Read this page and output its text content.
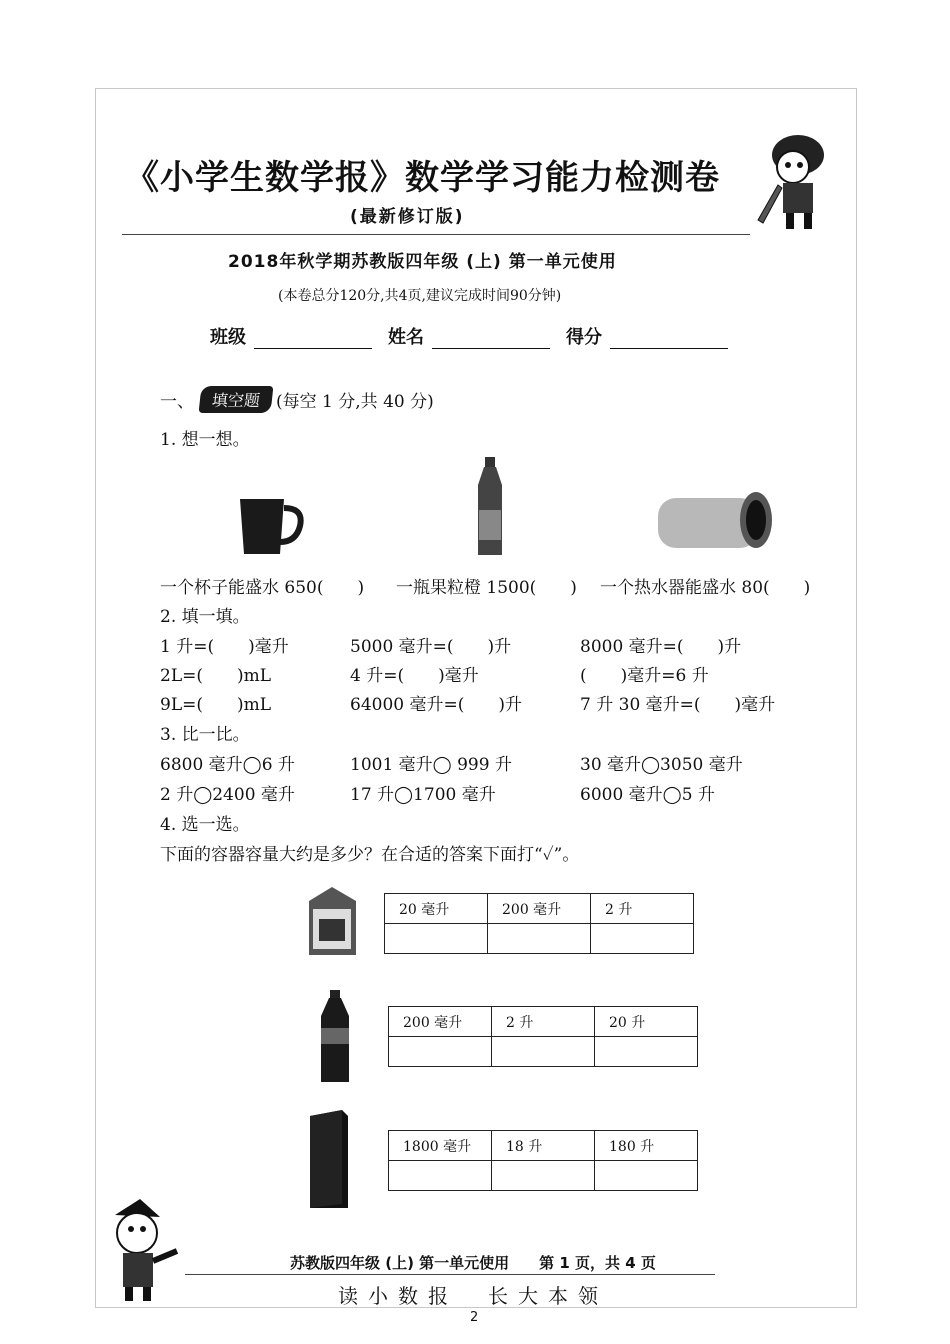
《小学生数学报》数学学习能力检测卷
(最新修订版)
2018年秋学期苏教版四年级 (上) 第一单元使用
(本卷总分120分,共4页,建议完成时间90分钟)
班级	姓名	得分
一、	填空题 (每空 1 分,共 40 分)
1. 想一想。
一个杯子能盛水 650(　　) 一瓶果粒橙 1500(　　) 一个热水器能盛水 80(　　)
2. 填一填。
1 升=(　　)毫升	5000 毫升=(　　)升	8000 毫升=(　　)升
2L=(　　)mL	4 升=(　　)毫升	(　　)毫升=6 升
9L=(　　)mL	64000 毫升=(　　)升	7 升 30 毫升=(　　)毫升
3. 比一比。
6800 毫升◯6 升	1001 毫升◯ 999 升	30 毫升◯3050 毫升
2 升◯2400 毫升	17 升◯1700 毫升	6000 毫升◯5 升
4. 选一选。
下面的容器容量大约是多少？在合适的答案下面打“✓”。
20 毫升	200 毫升	2 升

200 毫升	2 升	20 升

1800 毫升	18 升	180 升

苏教版四年级 (上) 第一单元使用　　第 1 页，共 4 页
读小数报　长大本领
2
